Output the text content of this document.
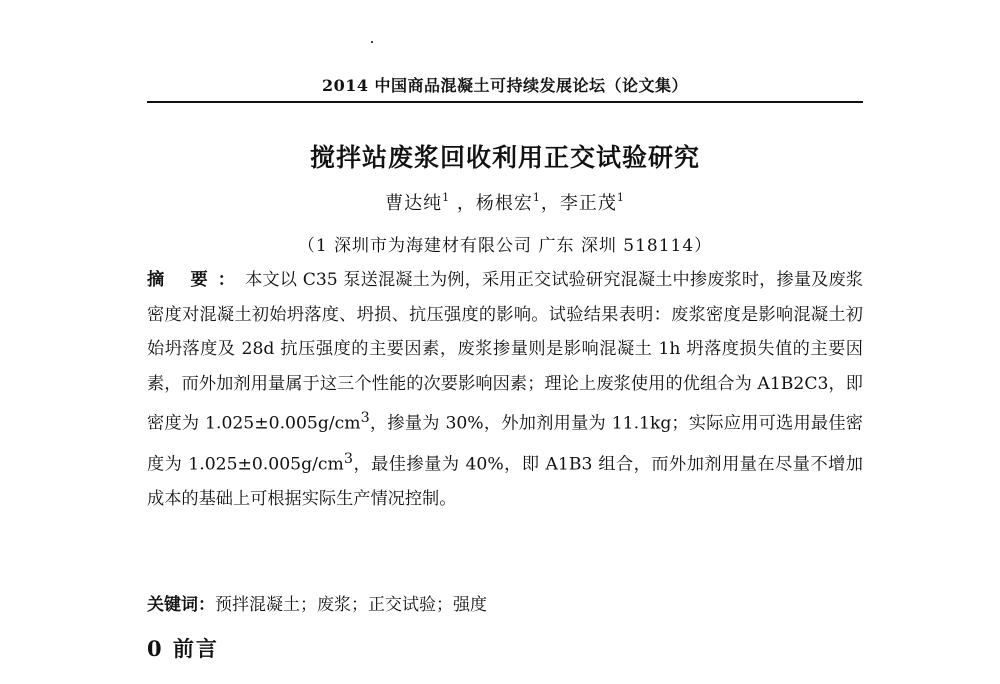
2014 中国商品混凝土可持续发展论坛（论文集）
搅拌站废浆回收利用正交试验研究
曹达纯$^1$ ，杨根宏$^1$，李正茂$^1$
（1 深圳市为海建材有限公司 广东 深圳 518114）
摘 要：本文以 C35 泵送混凝土为例，采用正交试验研究混凝土中掺废浆时，掺量及废浆密度对混凝土初始坍落度、坍损、抗压强度的影响。试验结果表明：废浆密度是影响混凝土初始坍落度及 28d 抗压强度的主要因素，废浆掺量则是影响混凝土 1h 坍落度损失值的主要因素，而外加剂用量属于这三个性能的次要影响因素；理论上废浆使用的优组合为 A1B2C3，即密度为 $1.025\pm 0.005g/cm^3$，掺量为 30%，外加剂用量为 11.1kg；实际应用可选用最佳密度为 $1.025\pm 0.005g/cm^3$，最佳掺量为 40%，即 A1B3 组合，而外加剂用量在尽量不增加成本的基础上可根据实际生产情况控制。
关键词：预拌混凝土；废浆；正交试验；强度
0 前言
